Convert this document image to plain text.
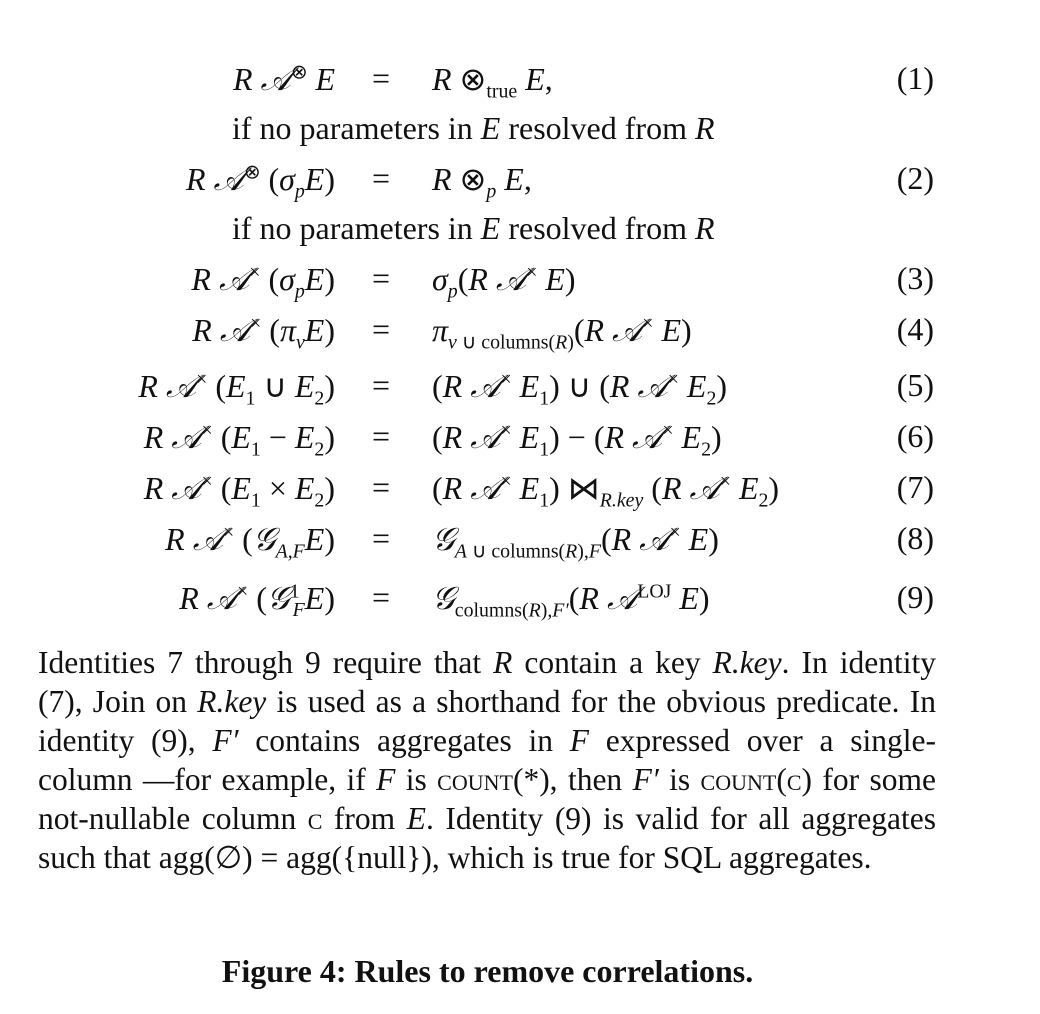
R 𝒜⊗ E = R $\otimes_{true}$ E,	(1)
if no parameters in E resolved from R
R 𝒜⊗ $(\sigma_pE) = R$ $\otimes_p$ E,	(2)
if no parameters in E resolved from R
R 𝒜× $(\sigma_pE) = \sigma_p(R$ 𝒜× E)	(3)
R 𝒜× $(\pi_vE) = \pi_{v \cup columns(R)}(R$ 𝒜× E)	(4)
R 𝒜× ($E_1$ ∪ $E_2) = (R$ 𝒜× $E_1$) ∪ (R 𝒜× $E_2$)	(5)
R 𝒜× $(E_1 - E_2) = (R$ 𝒜× $E_1) - (R$ 𝒜× $E_2$)	(6)
R 𝒜× $(E_1 \times E_2) = (R$ 𝒜× $E_1$) $⋈_{R.key}$ (R 𝒜× $E_2$)	(7)
R 𝒜× (𝒢$_{A,F}$E) = 𝒢$_{A \cup columns(R),F}$(R 𝒜× E)	(8)
R 𝒜× (𝒢$^1_F$E) = 𝒢$_{columns(R),F'}$(R 𝒜$^{LOJ}$ E)	(9)

Identities 7 through 9 require that R contain a key R.key. In identity (7), Join on R.key is used as a shorthand for the obvious predicate. In identity (9), F′ contains aggregates in F expressed over a single-column —for example, if F is count(*), then F′ is count(c) for some not-nullable column c from E. Identity (9) is valid for all aggregates such that agg(∅) = agg({null}), which is true for SQL aggregates.

Figure 4: Rules to remove correlations.
